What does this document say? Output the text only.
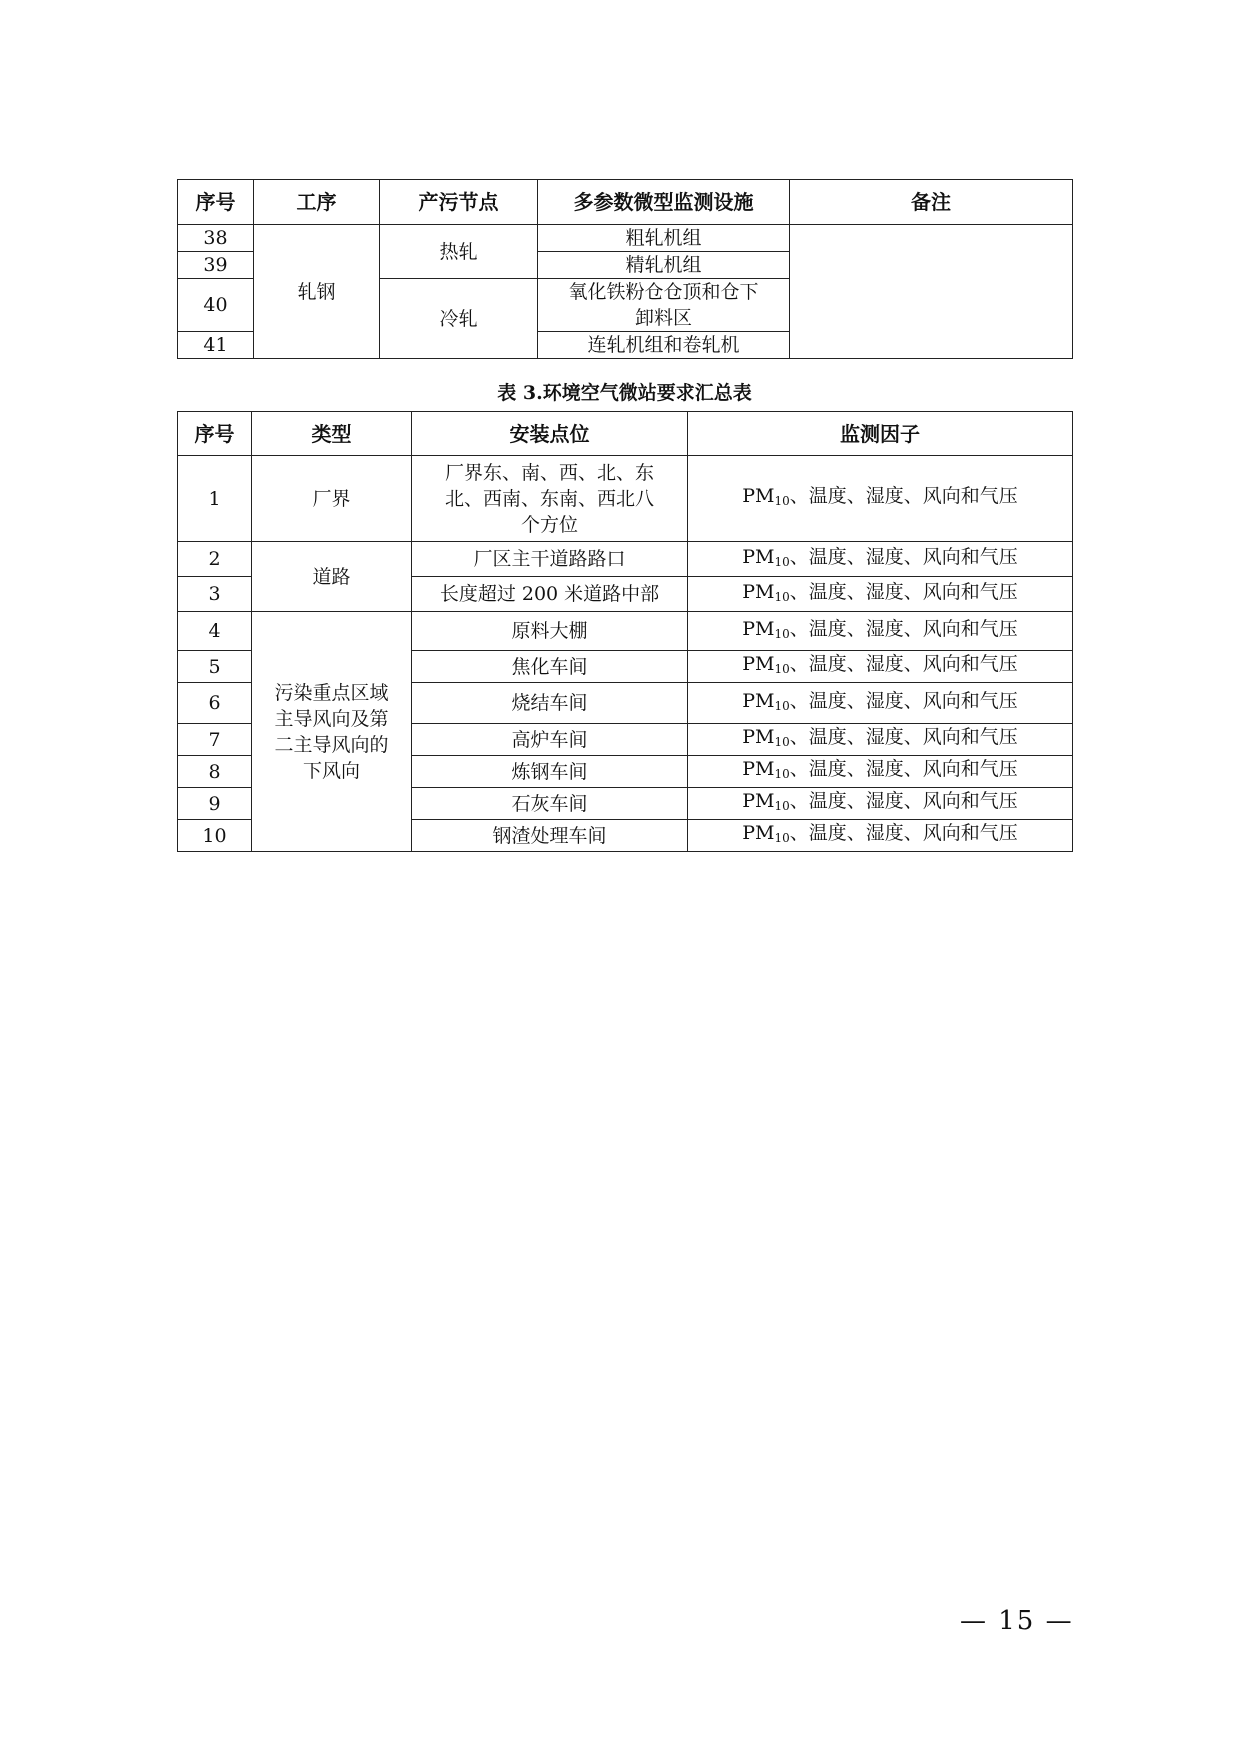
序号	工序	产污节点	多参数微型监测设施	备注
38	轧钢	热轧	粗轧机组	
39			精轧机组	
40		冷轧	氧化铁粉仓仓顶和仓下
卸料区	

41			连轧机组和卷轧机	
表 3.环境空气微站要求汇总表
序号	类型	安装点位	监测因子
1	厂界	厂界东、南、西、北、东
北、西南、东南、西北八
个方位	$PM_{10}$、温度、湿度、风向和气压
2	道路	厂区主干道路路口	$PM_{10}$、温度、湿度、风向和气压
3		长度超过 200 米道路中部	$PM_{10}$、温度、湿度、风向和气压
4	污染重点区域
主导风向及第
二主导风向的
下风向	原料大棚	$PM_{10}$、温度、湿度、风向和气压
5		焦化车间	$PM_{10}$、温度、湿度、风向和气压
6		烧结车间	$PM_{10}$、温度、湿度、风向和气压
7		高炉车间	$PM_{10}$、温度、湿度、风向和气压
8		炼钢车间	$PM_{10}$、温度、湿度、风向和气压
9		石灰车间	$PM_{10}$、温度、湿度、风向和气压
10		钢渣处理车间	$PM_{10}$、温度、湿度、风向和气压
— 15 —
